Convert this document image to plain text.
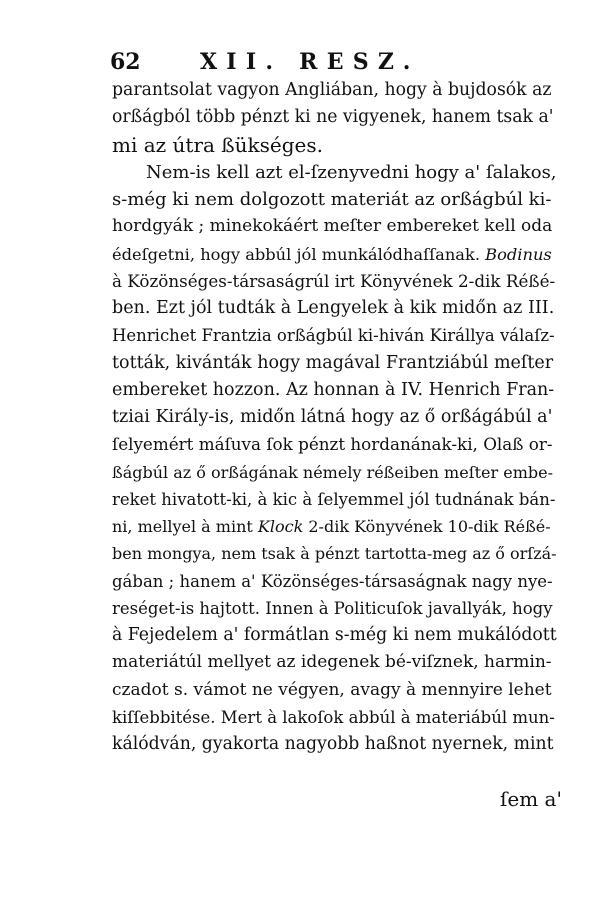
62	XII. RESZ.
parantsolat vagyon Angliában, hogy à bujdosók az
orßágból több pénzt ki ne vigyenek, hanem tsak a'
mi az útra ßükséges.
Nem-is kell azt el-ſzenyvedni hogy a' ſalakos,
s-még ki nem dolgozott materiát az orßágbúl ki-
hordgyák ; minekokáért meſter embereket kell oda
édeſgetni, hogy abbúl jól munkálódhaſſanak. Bodinus
à Közönséges-társaságrúl irt Könyvének 2-dik Réßé-
ben. Ezt jól tudták à Lengyelek à kik midőn az III.
Henrichet Frantzia orßágbúl ki-hiván Királlya válaſz-
tották, kivánták hogy magával Frantziábúl meſter
embereket hozzon. Az honnan à IV. Henrich Fran-
tziai Király-is, midőn látná hogy az ő orßágábúl a'
ſelyemért máſuva ſok pénzt hordanának-ki, Olaß or-
ßágbúl az ő orßágának némely réßeiben meſter embe-
reket hivatott-ki, à kic à ſelyemmel jól tudnának bán-
ni, mellyel à mint Klock 2-dik Könyvének 10-dik Réßé-
ben mongya, nem tsak à pénzt tartotta-meg az ő orſzá-
gában ; hanem a' Közönséges-társaságnak nagy nye-
reséget-is hajtott. Innen à Politicuſok javallyák, hogy
à Fejedelem a' formátlan s-még ki nem mukálódott
materiátúl mellyet az idegenek bé-viſznek, harmin-
czadot s. vámot ne végyen, avagy à mennyire lehet
kiſſebbitése. Mert à lakoſok abbúl à materiábúl mun-
kálódván, gyakorta nagyobb haßnot nyernek, mint
ſem a'
